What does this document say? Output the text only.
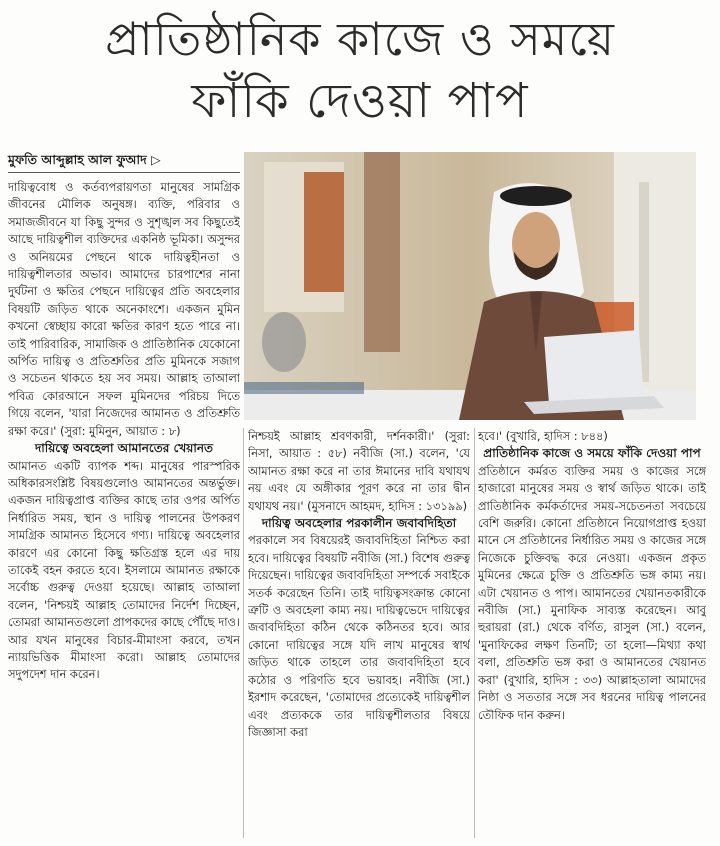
প্রাতিষ্ঠানিক কাজে ও সময়ে
ফাঁকি দেওয়া পাপ
মুফতি আব্দুল্লাহ আল ফুআদ ▷

দায়িত্ববোধ ও কর্তব্যপরায়ণতা মানুষের সামগ্রিক জীবনের মৌলিক অনুষঙ্গ। ব্যক্তি, পরিবার ও সমাজজীবনে যা কিছু সুন্দর ও সুশৃঙ্খল সব কিছুতেই আছে দায়িত্বশীল ব্যক্তিদের একনিষ্ঠ ভূমিকা। অসুন্দর ও অনিয়মের পেছনে থাকে দায়িত্বহীনতা ও দায়িত্বশীলতার অভাব। আমাদের চারপাশের নানা দুর্ঘটনা ও ক্ষতির পেছনে দায়িত্বের প্রতি অবহেলার বিষয়টি জড়িত থাকে অনেকাংশে। একজন মুমিন কখনো স্বেচ্ছায় কারো ক্ষতির কারণ হতে পারে না। তাই পারিবারিক, সামাজিক ও প্রাতিষ্ঠানিক যেকোনো অর্পিত দায়িত্ব ও প্রতিশ্রুতির প্রতি মুমিনকে সজাগ ও সচেতন থাকতে হয় সব সময়। আল্লাহ তাআলা পবিত্র কোরআনে সফল মুমিনদের পরিচয় দিতে গিয়ে বলেন, 'যারা নিজেদের আমানত ও প্রতিশ্রুতি রক্ষা করে।' (সুরা: মুমিনুন, আয়াত : ৮)

দায়িত্বে অবহেলা আমানতের খেয়ানত

আমানত একটি ব্যাপক শব্দ। মানুষের পারস্পরিক অধিকারসংশ্লিষ্ট বিষয়গুলোও আমানতের অন্তর্ভুক্ত। একজন দায়িত্বপ্রাপ্ত ব্যক্তির কাছে তার ওপর অর্পিত নির্ধারিত সময়, স্থান ও দায়িত্ব পালনের উপকরণ সামগ্রিক আমানত হিসেবে গণ্য। দায়িত্বে অবহেলার কারণে এর কোনো কিছু ক্ষতিগ্রস্ত হলে এর দায় তাকেই বহন করতে হবে। ইসলামে আমানত রক্ষাকে সর্বোচ্চ গুরুত্ব দেওয়া হয়েছে। আল্লাহ তাআলা বলেন, 'নিশ্চয়ই আল্লাহ তোমাদের নির্দেশ দিচ্ছেন, তোমরা আমানতগুলো প্রাপকদের কাছে পৌঁছে দাও। আর যখন মানুষের বিচার-মীমাংসা করবে, তখন ন্যায়ভিত্তিক মীমাংসা করো। আল্লাহ তোমাদের সদুপদেশ দান করেন।

নিশ্চয়ই আল্লাহ শ্রবণকারী, দর্শনকারী।' (সুরা: নিসা, আয়াত : ৫৮) নবীজি (সা.) বলেন, 'যে আমানত রক্ষা করে না তার ঈমানের দাবি যথাযথ নয় এবং যে অঙ্গীকার পূরণ করে না তার দ্বীন যথাযথ নয়।' (মুসনাদে আহমদ, হাদিস : ১৩১৯৯)

দায়িত্ব অবহেলার পরকালীন জবাবদিহিতা

পরকালে সব বিষয়েরই জবাবদিহিতা নিশ্চিত করা হবে। দায়িত্বের বিষয়টি নবীজি (সা.) বিশেষ গুরুত্ব দিয়েছেন। দায়িত্বের জবাবদিহিতা সম্পর্কে সবাইকে সতর্ক করেছেন তিনি। তাই দায়িত্বসংক্রান্ত কোনো ত্রুটি ও অবহেলা কাম্য নয়। দায়িত্বভেদে দায়িত্বের জবাবদিহিতা কঠিন থেকে কঠিনতর হবে। আর কোনো দায়িত্বের সঙ্গে যদি লাখ মানুষের স্বার্থ জড়িত থাকে তাহলে তার জবাবদিহিতা হবে কঠোর ও পরিণতি হবে ভয়াবহ। নবীজি (সা.) ইরশাদ করেছেন, 'তোমাদের প্রত্যেকেই দায়িত্বশীল এবং প্রত্যককে তার দায়িত্বশীলতার বিষয়ে জিজ্ঞাসা করা

হবে।' (বুখারি, হাদিস : ৮৪৪)

প্রাতিষ্ঠানিক কাজে ও সময়ে ফাঁকি দেওয়া পাপ

প্রতিষ্ঠানে কর্মরত ব্যক্তির সময় ও কাজের সঙ্গে হাজারো মানুষের সময় ও স্বার্থ জড়িত থাকে। তাই প্রাতিষ্ঠানিক কর্মকর্তাদের সময়-সচেতনতা সবচেয়ে বেশি জরুরি। কোনো প্রতিষ্ঠানে নিয়োগপ্রাপ্ত হওয়া মানে সে প্রতিষ্ঠানের নির্ধারিত সময় ও কাজের সঙ্গে নিজেকে চুক্তিবদ্ধ করে নেওয়া। একজন প্রকৃত মুমিনের ক্ষেত্রে চুক্তি ও প্রতিশ্রুতি ভঙ্গ কাম্য নয়। এটা খেয়ানত ও পাপ। আমানতের খেয়ানতকারীকে নবীজি (সা.) মুনাফিক সাব্যস্ত করেছেন। আবু হুরায়রা (রা.) থেকে বর্ণিত, রাসুল (সা.) বলেন, 'মুনাফিকের লক্ষণ তিনটি; তা হলো—মিথ্যা কথা বলা, প্রতিশ্রুতি ভঙ্গ করা ও আমানতের খেয়ানত করা' (বুখারি, হাদিস : ৩৩) আল্লাহতালা আমাদের নিষ্ঠা ও সততার সঙ্গে সব ধরনের দায়িত্ব পালনের তৌফিক দান করুন।
